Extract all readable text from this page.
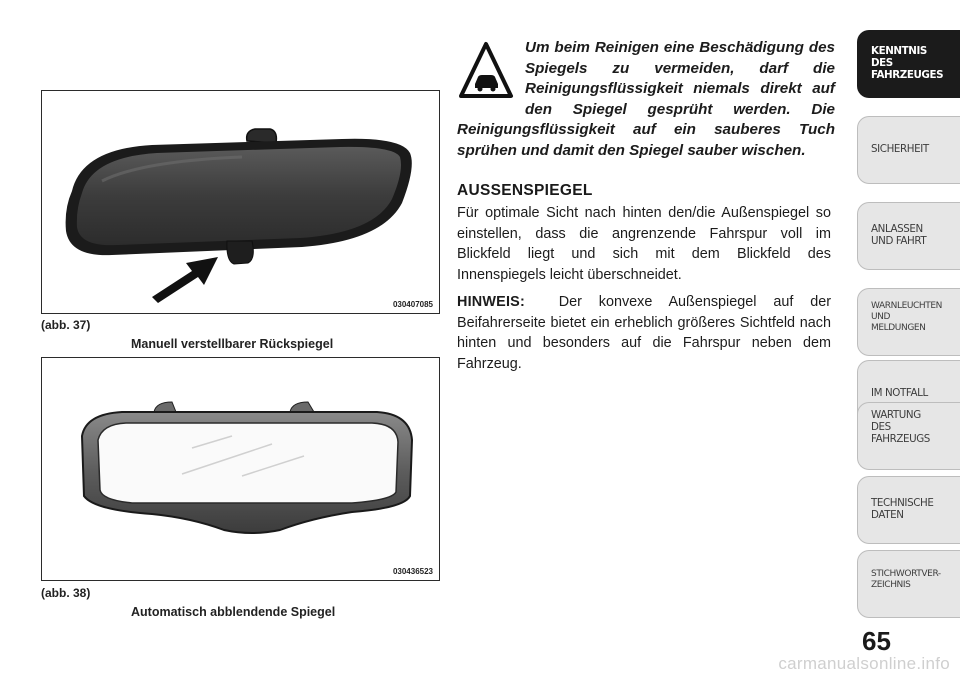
030407085
(abb. 37)
Manuell verstellbarer Rückspiegel
030436523
(abb. 38)
Automatisch abblendende Spiegel
Um beim Reinigen eine Beschädigung des Spiegels zu vermeiden, darf die Reinigungsflüssigkeit niemals direkt auf den Spiegel gesprüht werden. Die Reinigungsflüssigkeit auf ein sauberes Tuch sprühen und damit den Spiegel sauber wischen.
AUSSENSPIEGEL
Für optimale Sicht nach hinten den/die Außenspiegel so einstellen, dass die angrenzende Fahrspur voll im Blickfeld liegt und sich mit dem Blickfeld des Innenspiegels leicht überschneidet.
HINWEIS: Der konvexe Außenspiegel auf der Beifahrerseite bietet ein erheblich größeres Sichtfeld nach hinten und besonders auf die Fahrspur neben dem Fahrzeug.
KENNTNIS
DES
FAHRZEUGES
SICHERHEIT
ANLASSEN
UND FAHRT
WARNLEUCHTEN
UND
MELDUNGEN
IM NOTFALL
WARTUNG
DES
FAHRZEUGS
TECHNISCHE
DATEN
STICHWORTVER-
ZEICHNIS
65
carmanualsonline.info
